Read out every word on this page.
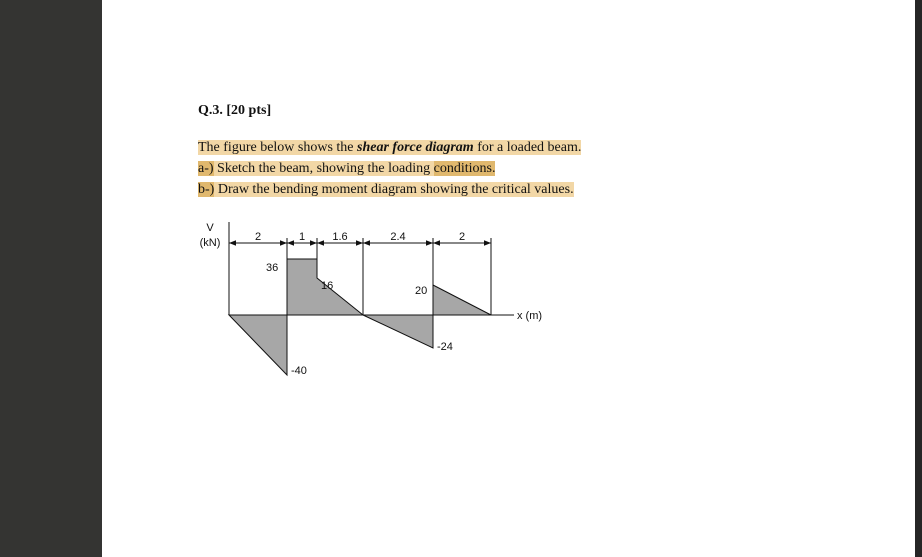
Q.3. [20 pts]
The figure below shows the shear force diagram for a loaded beam.
a-) Sketch the beam, showing the loading conditions.
b-) Draw the bending moment diagram showing the critical values.
2	1 1.6	2.4	2
V
(kN)
x (m)
36
16	20
-40
-24
